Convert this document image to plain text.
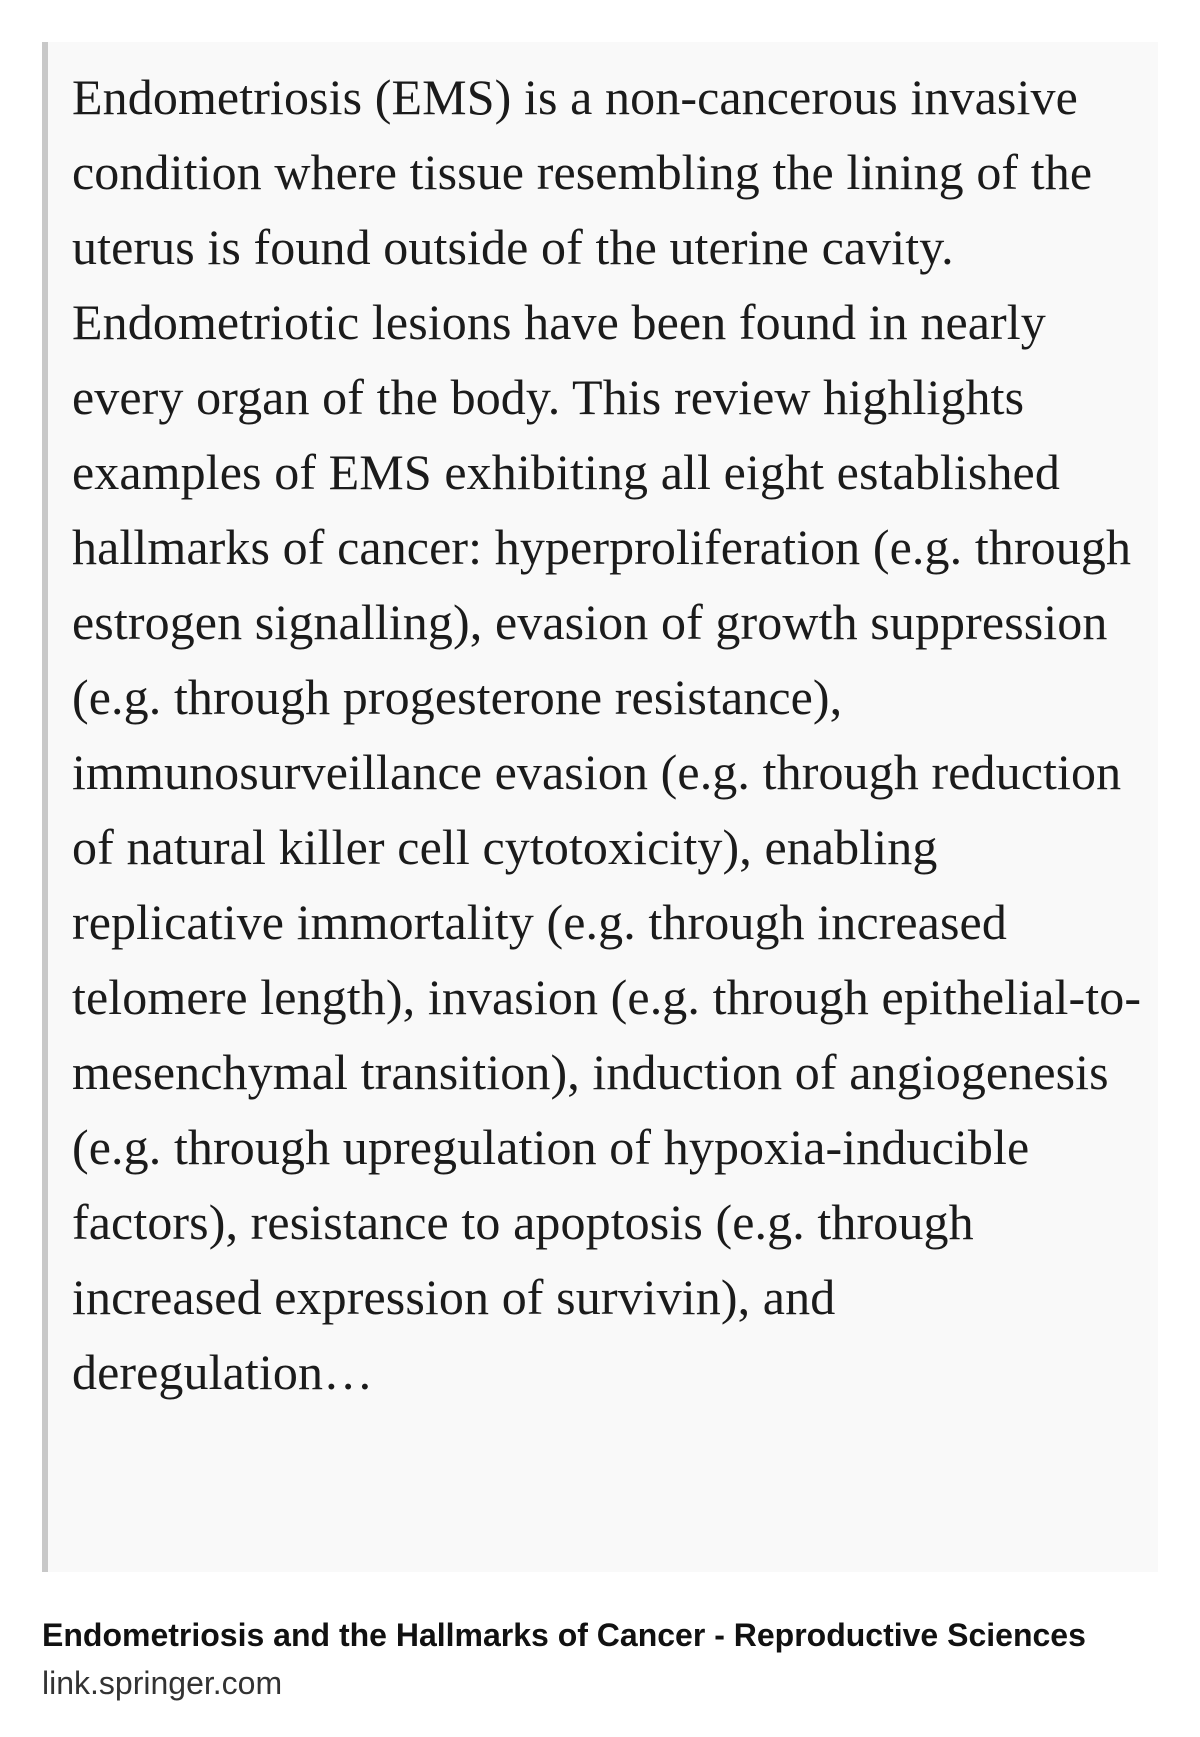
Endometriosis (EMS) is a non-cancerous invasive condition where tissue resembling the lining of the uterus is found outside of the uterine cavity. Endometriotic lesions have been found in nearly every organ of the body. This review highlights examples of EMS exhibiting all eight established hallmarks of cancer: hyperproliferation (e.g. through estrogen signalling), evasion of growth suppression (e.g. through progesterone resistance), immunosurveillance evasion (e.g. through reduction of natural killer cell cytotoxicity), enabling replicative immortality (e.g. through increased telomere length), invasion (e.g. through epithelial-to-mesenchymal transition), induction of angiogenesis (e.g. through upregulation of hypoxia-inducible factors), resistance to apoptosis (e.g. through increased expression of survivin), and deregulation…

Endometriosis and the Hallmarks of Cancer - Reproductive Sciences

link.springer.com
